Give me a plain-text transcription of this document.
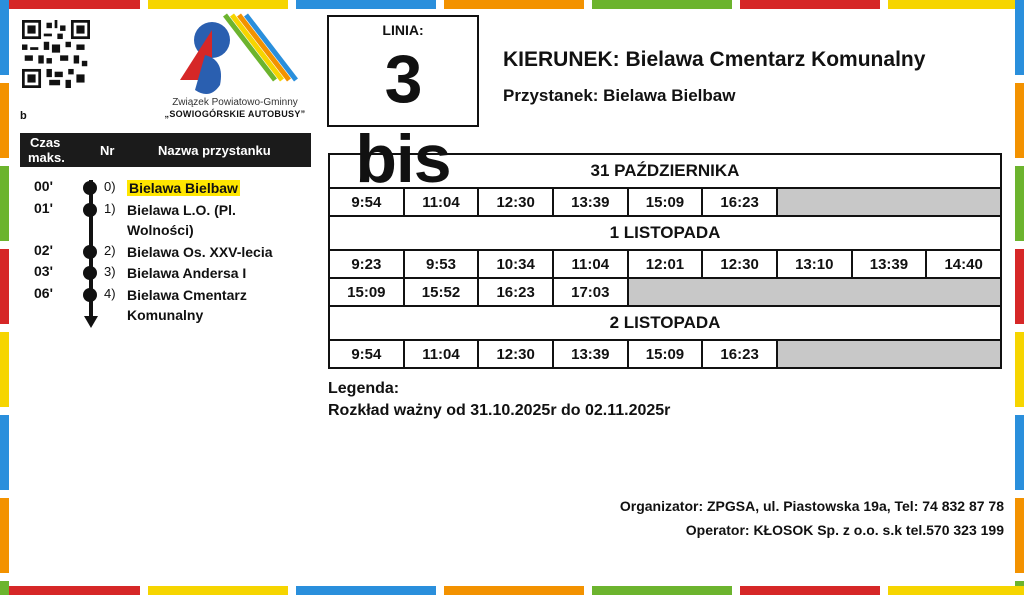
b
Związek Powiatowo-Gminny
„SOWIOGÓRSKIE AUTOBUSY”
Czas
maks.	Nr	Nazwa przystanku
00'	0) Bielawa Bielbaw
01'	1) Bielawa L.O. (Pl. Wolności)
02'	2) Bielawa Os. XXV-lecia
03'	3) Bielawa Andersa I
06'	4) Bielawa Cmentarz Komunalny
LINIA:
3 bis
KIERUNEK: Bielawa Cmentarz Komunalny
Przystanek: Bielawa Bielbaw
31 PAŹDZIERNIKA								
9:54	11:04	12:30	13:39	15:09	16:23			
1 LISTOPADA								
9:23	9:53	10:34	11:04	12:01	12:30	13:10	13:39	14:40
15:09	15:52	16:23	17:03					
2 LISTOPADA								
9:54	11:04	12:30	13:39	15:09	16:23			
Legenda:
Rozkład ważny od 31.10.2025r do 02.11.2025r
Organizator: ZPGSA, ul. Piastowska 19a, Tel: 74 832 87 78
Operator: KŁOSOK Sp. z o.o. s.k tel.570 323 199
